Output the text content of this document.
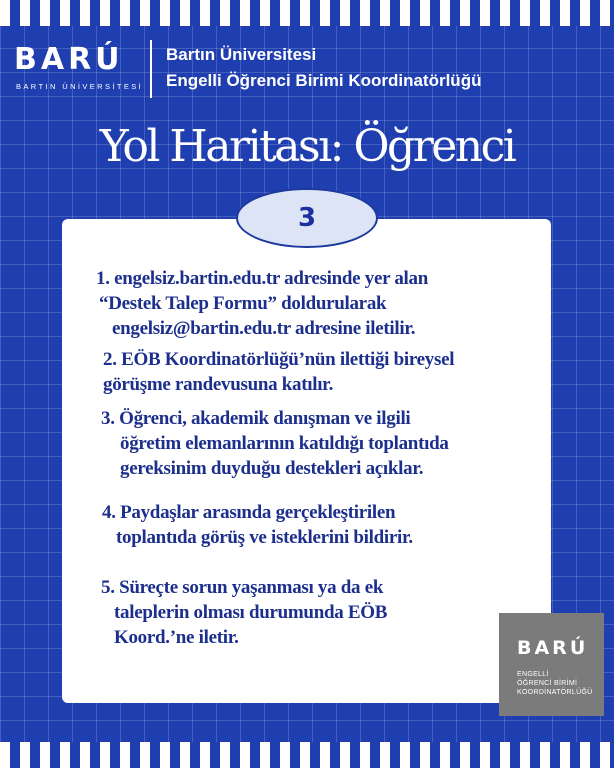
BARÚ
BARTIN ÜNİVERSİTESİ
Bartın Üniversitesi
Engelli Öğrenci Birimi Koordinatörlüğü
Yol Haritası: Öğrenci
3
1. engelsiz.bartin.edu.tr adresinde yer alan
“Destek Talep Formu” doldurularak
engelsiz@bartin.edu.tr adresine iletilir.
2. EÖB Koordinatörlüğü’nün ilettiği bireysel
görüşme randevusuna katılır.
3. Öğrenci, akademik danışman ve ilgili
öğretim elemanlarının katıldığı toplantıda
gereksinim duyduğu destekleri açıklar.
4. Paydaşlar arasında gerçekleştirilen
toplantıda görüş ve isteklerini bildirir.
5. Süreçte sorun yaşanması ya da ek
taleplerin olması durumunda EÖB
Koord.’ne iletir.	BARÚ
ENGELLİ
ÖĞRENCİ BİRİMİ
KOORDİNATÖRLÜĞÜ
